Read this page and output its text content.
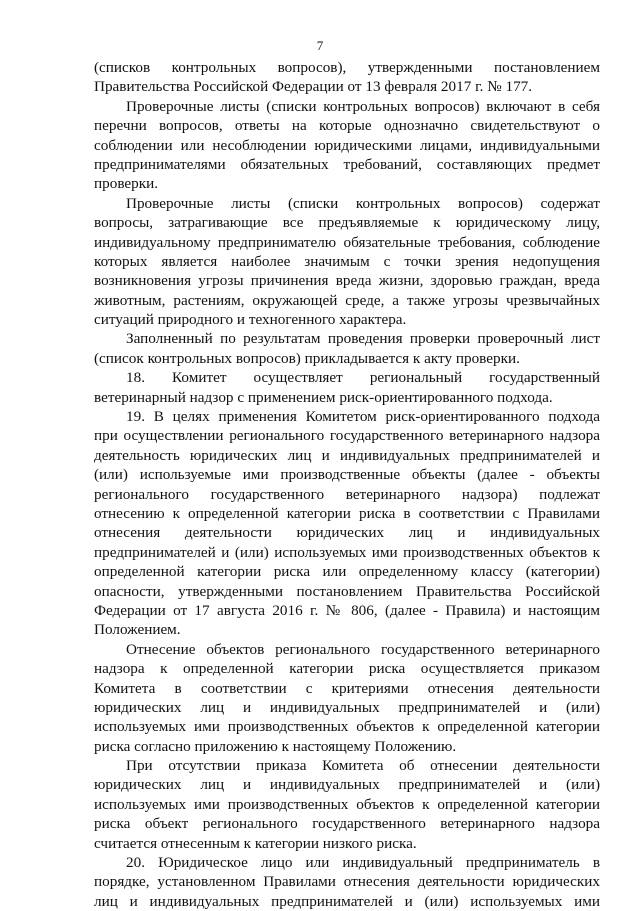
7
(списков контрольных вопросов), утвержденными постановлением
Правительства Российской Федерации от 13 февраля 2017 г. № 177.
Проверочные листы (списки контрольных вопросов) включают в себя
перечни вопросов, ответы на которые однозначно свидетельствуют о
соблюдении или несоблюдении юридическими лицами, индивидуальными
предпринимателями обязательных требований, составляющих предмет
проверки.
Проверочные листы (списки контрольных вопросов) содержат
вопросы, затрагивающие все предъявляемые к юридическому лицу,
индивидуальному предпринимателю обязательные требования, соблюдение
которых является наиболее значимым с точки зрения недопущения
возникновения угрозы причинения вреда жизни, здоровью граждан, вреда
животным, растениям, окружающей среде, а также угрозы чрезвычайных
ситуаций природного и техногенного характера.
Заполненный по результатам проведения проверки проверочный лист
(список контрольных вопросов) прикладывается к акту проверки.
18. Комитет осуществляет региональный государственный
ветеринарный надзор с применением риск-ориентированного подхода.
19. В целях применения Комитетом риск-ориентированного подхода
при осуществлении регионального государственного ветеринарного надзора
деятельность юридических лиц и индивидуальных предпринимателей и
(или) используемые ими производственные объекты (далее - объекты
регионального государственного ветеринарного надзора) подлежат
отнесению к определенной категории риска в соответствии с Правилами
отнесения деятельности юридических лиц и индивидуальных
предпринимателей и (или) используемых ими производственных объектов к
определенной категории риска или определенному классу (категории)
опасности, утвержденными постановлением Правительства Российской
Федерации от 17 августа 2016 г. № 806, (далее - Правила) и настоящим
Положением.
Отнесение объектов регионального государственного ветеринарного
надзора к определенной категории риска осуществляется приказом
Комитета в соответствии с критериями отнесения деятельности
юридических лиц и индивидуальных предпринимателей и (или)
используемых ими производственных объектов к определенной категории
риска согласно приложению к настоящему Положению.
При отсутствии приказа Комитета об отнесении деятельности
юридических лиц и индивидуальных предпринимателей и (или)
используемых ими производственных объектов к определенной категории
риска объект регионального государственного ветеринарного надзора
считается отнесенным к категории низкого риска.
20. Юридическое лицо или индивидуальный предприниматель в
порядке, установленном Правилами отнесения деятельности юридических
лиц и индивидуальных предпринимателей и (или) используемых ими
